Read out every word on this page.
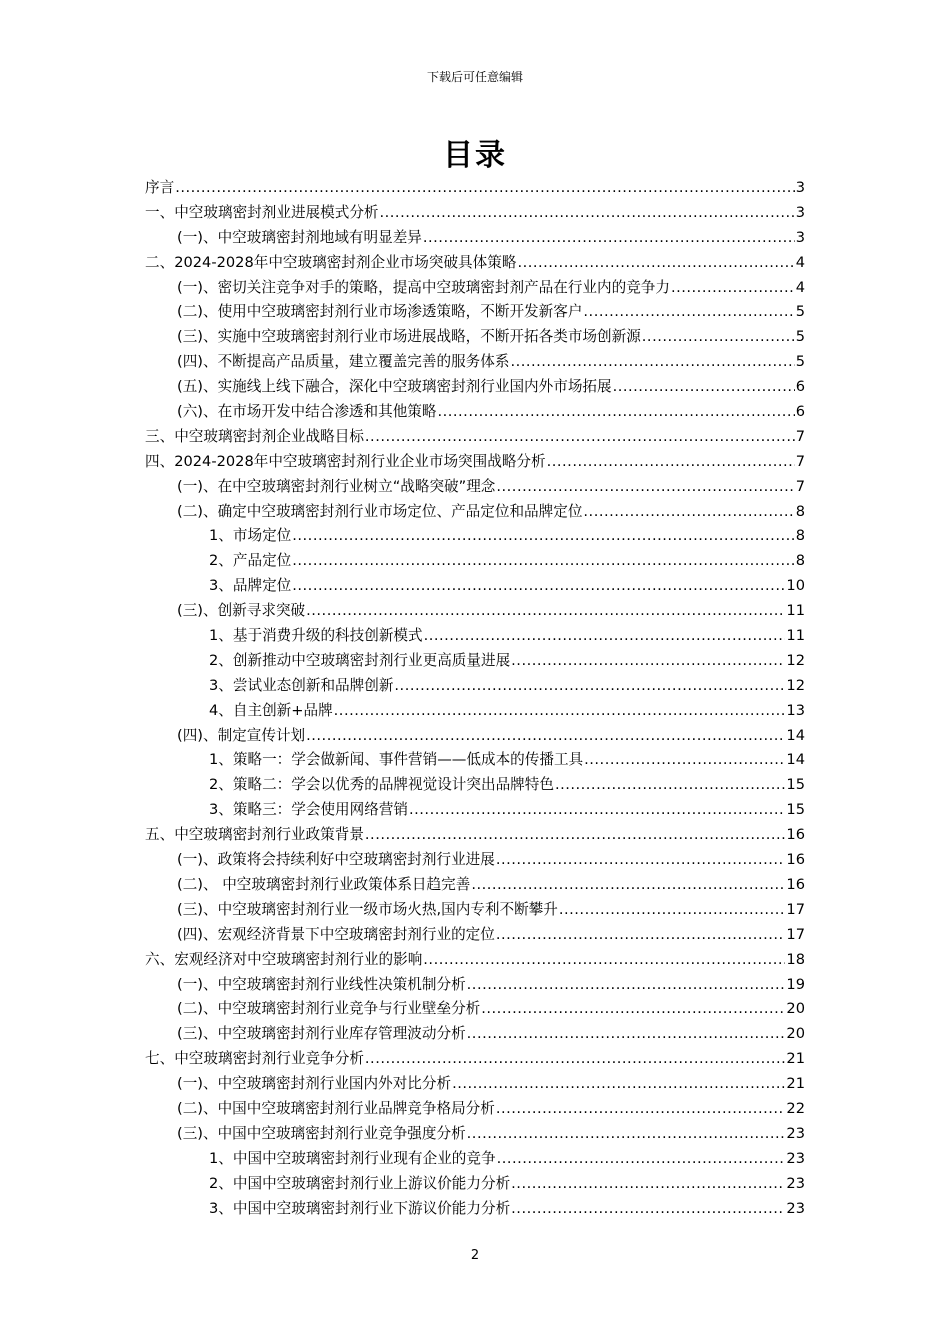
下载后可任意编辑
目录
序言 .....	3
一、中空玻璃密封剂业进展模式分析 .....	3
(一)、中空玻璃密封剂地域有明显差异 .....	3
二、2024-2028年中空玻璃密封剂企业市场突破具体策略 .....	4
(一)、密切关注竞争对手的策略，提高中空玻璃密封剂产品在行业内的竞争力 .....	4
(二)、使用中空玻璃密封剂行业市场渗透策略，不断开发新客户 .....	5
(三)、实施中空玻璃密封剂行业市场进展战略，不断开拓各类市场创新源 .....	5
(四)、不断提高产品质量，建立覆盖完善的服务体系 .....	5
(五)、实施线上线下融合，深化中空玻璃密封剂行业国内外市场拓展 .....	6
(六)、在市场开发中结合渗透和其他策略 .....	6
三、中空玻璃密封剂企业战略目标 .....	7
四、2024-2028年中空玻璃密封剂行业企业市场突围战略分析 .....	7
(一)、在中空玻璃密封剂行业树立“战略突破”理念 .....	7
(二)、确定中空玻璃密封剂行业市场定位、产品定位和品牌定位 .....	8
1、市场定位 .....	8
2、产品定位 .....	8
3、品牌定位 .....	10
(三)、创新寻求突破 .....	11
1、基于消费升级的科技创新模式 .....	11
2、创新推动中空玻璃密封剂行业更高质量进展 .....	12
3、尝试业态创新和品牌创新 .....	12
4、自主创新+品牌 .....	13
(四)、制定宣传计划 .....	14
1、策略一：学会做新闻、事件营销——低成本的传播工具 .....	14
2、策略二：学会以优秀的品牌视觉设计突出品牌特色 .....	15
3、策略三：学会使用网络营销 .....	15
五、中空玻璃密封剂行业政策背景 .....	16
(一)、政策将会持续利好中空玻璃密封剂行业进展 .....	16
(二)、 中空玻璃密封剂行业政策体系日趋完善 .....	16
(三)、中空玻璃密封剂行业一级市场火热,国内专利不断攀升 .....	17
(四)、宏观经济背景下中空玻璃密封剂行业的定位 .....	17
六、宏观经济对中空玻璃密封剂行业的影响 .....	18
(一)、中空玻璃密封剂行业线性决策机制分析 .....	19
(二)、中空玻璃密封剂行业竞争与行业壁垒分析 .....	20
(三)、中空玻璃密封剂行业库存管理波动分析 .....	20
七、中空玻璃密封剂行业竞争分析 .....	21
(一)、中空玻璃密封剂行业国内外对比分析 .....	21
(二)、中国中空玻璃密封剂行业品牌竞争格局分析 .....	22
(三)、中国中空玻璃密封剂行业竞争强度分析 .....	23
1、中国中空玻璃密封剂行业现有企业的竞争 .....	23
2、中国中空玻璃密封剂行业上游议价能力分析 .....	23
3、中国中空玻璃密封剂行业下游议价能力分析 .....	23
2
